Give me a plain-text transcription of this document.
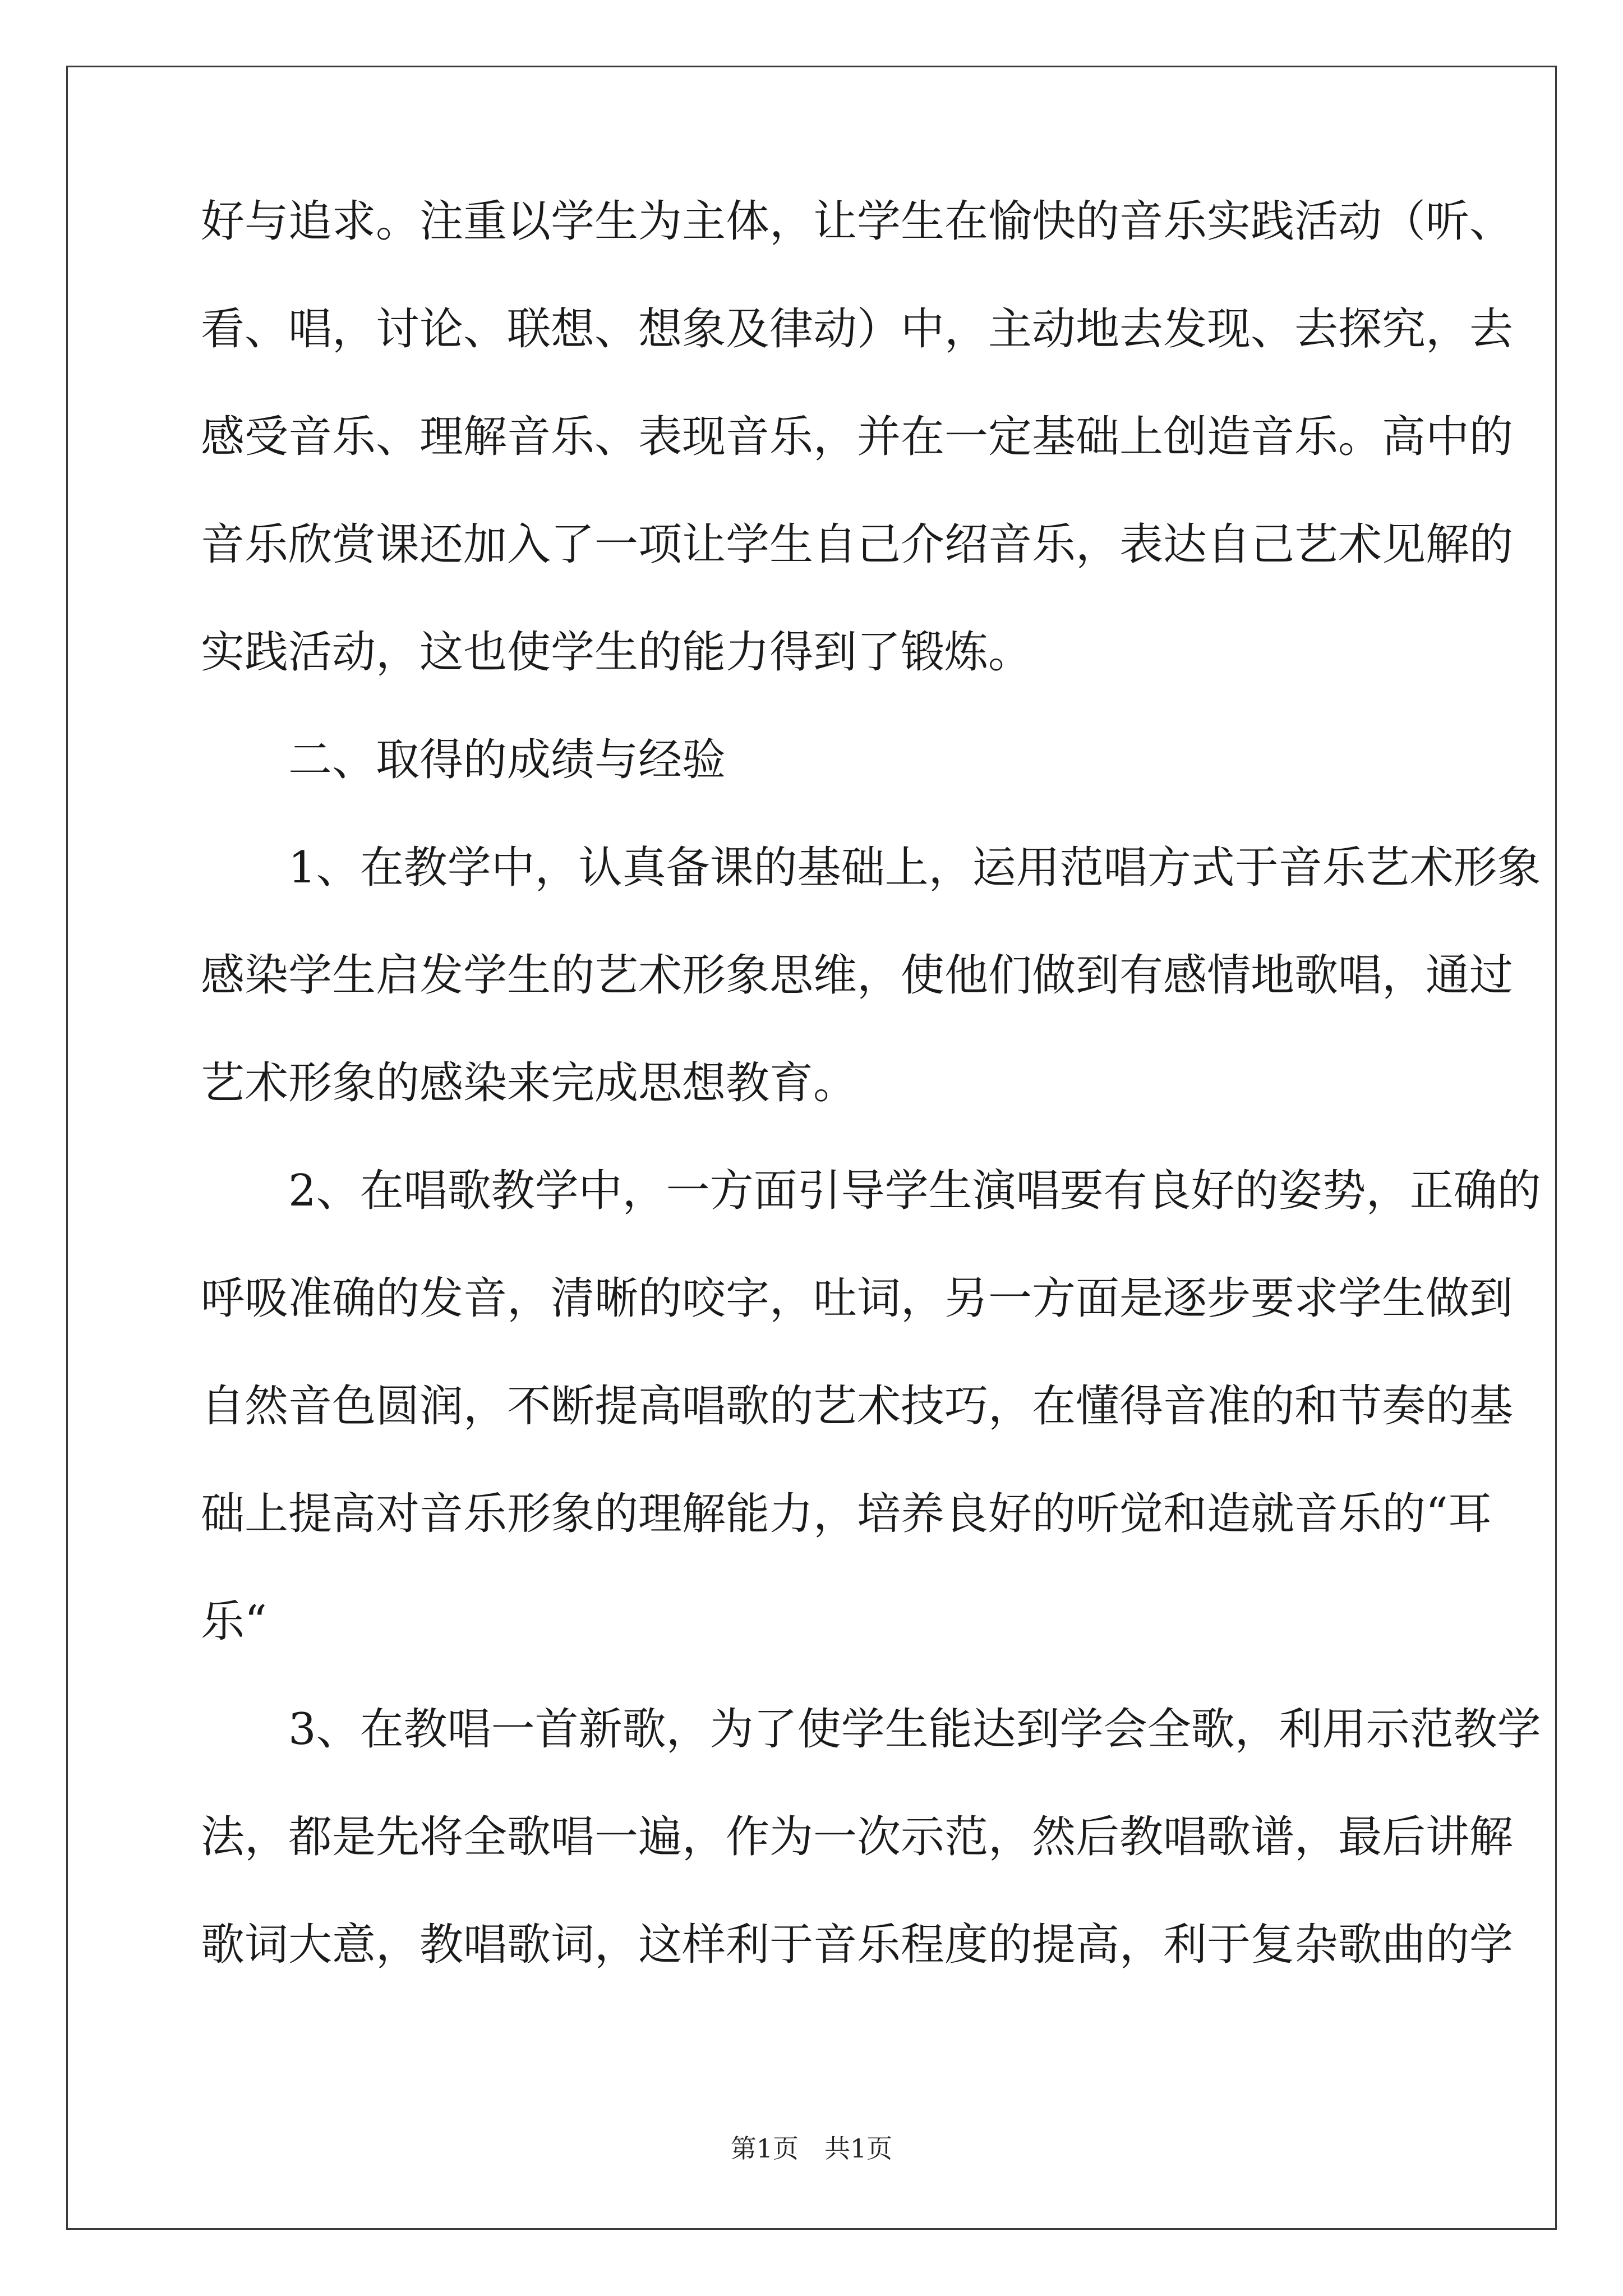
好与追求。注重以学生为主体，让学生在愉快的音乐实践活动（听、
看、唱，讨论、联想、想象及律动）中，主动地去发现、去探究，去
感受音乐、理解音乐、表现音乐，并在一定基础上创造音乐。高中的
音乐欣赏课还加入了一项让学生自己介绍音乐，表达自己艺术见解的
实践活动，这也使学生的能力得到了锻炼。
二、取得的成绩与经验
1、在教学中，认真备课的基础上，运用范唱方式于音乐艺术形象
感染学生启发学生的艺术形象思维，使他们做到有感情地歌唱，通过
艺术形象的感染来完成思想教育。
2、在唱歌教学中，一方面引导学生演唱要有良好的姿势，正确的
呼吸准确的发音，清晰的咬字，吐词，另一方面是逐步要求学生做到
自然音色圆润，不断提高唱歌的艺术技巧，在懂得音准的和节奏的基
础上提高对音乐形象的理解能力，培养良好的听觉和造就音乐的“耳
乐“
3、在教唱一首新歌，为了使学生能达到学会全歌，利用示范教学
法，都是先将全歌唱一遍，作为一次示范，然后教唱歌谱，最后讲解
歌词大意，教唱歌词，这样利于音乐程度的提高，利于复杂歌曲的学
第1页　共1页
